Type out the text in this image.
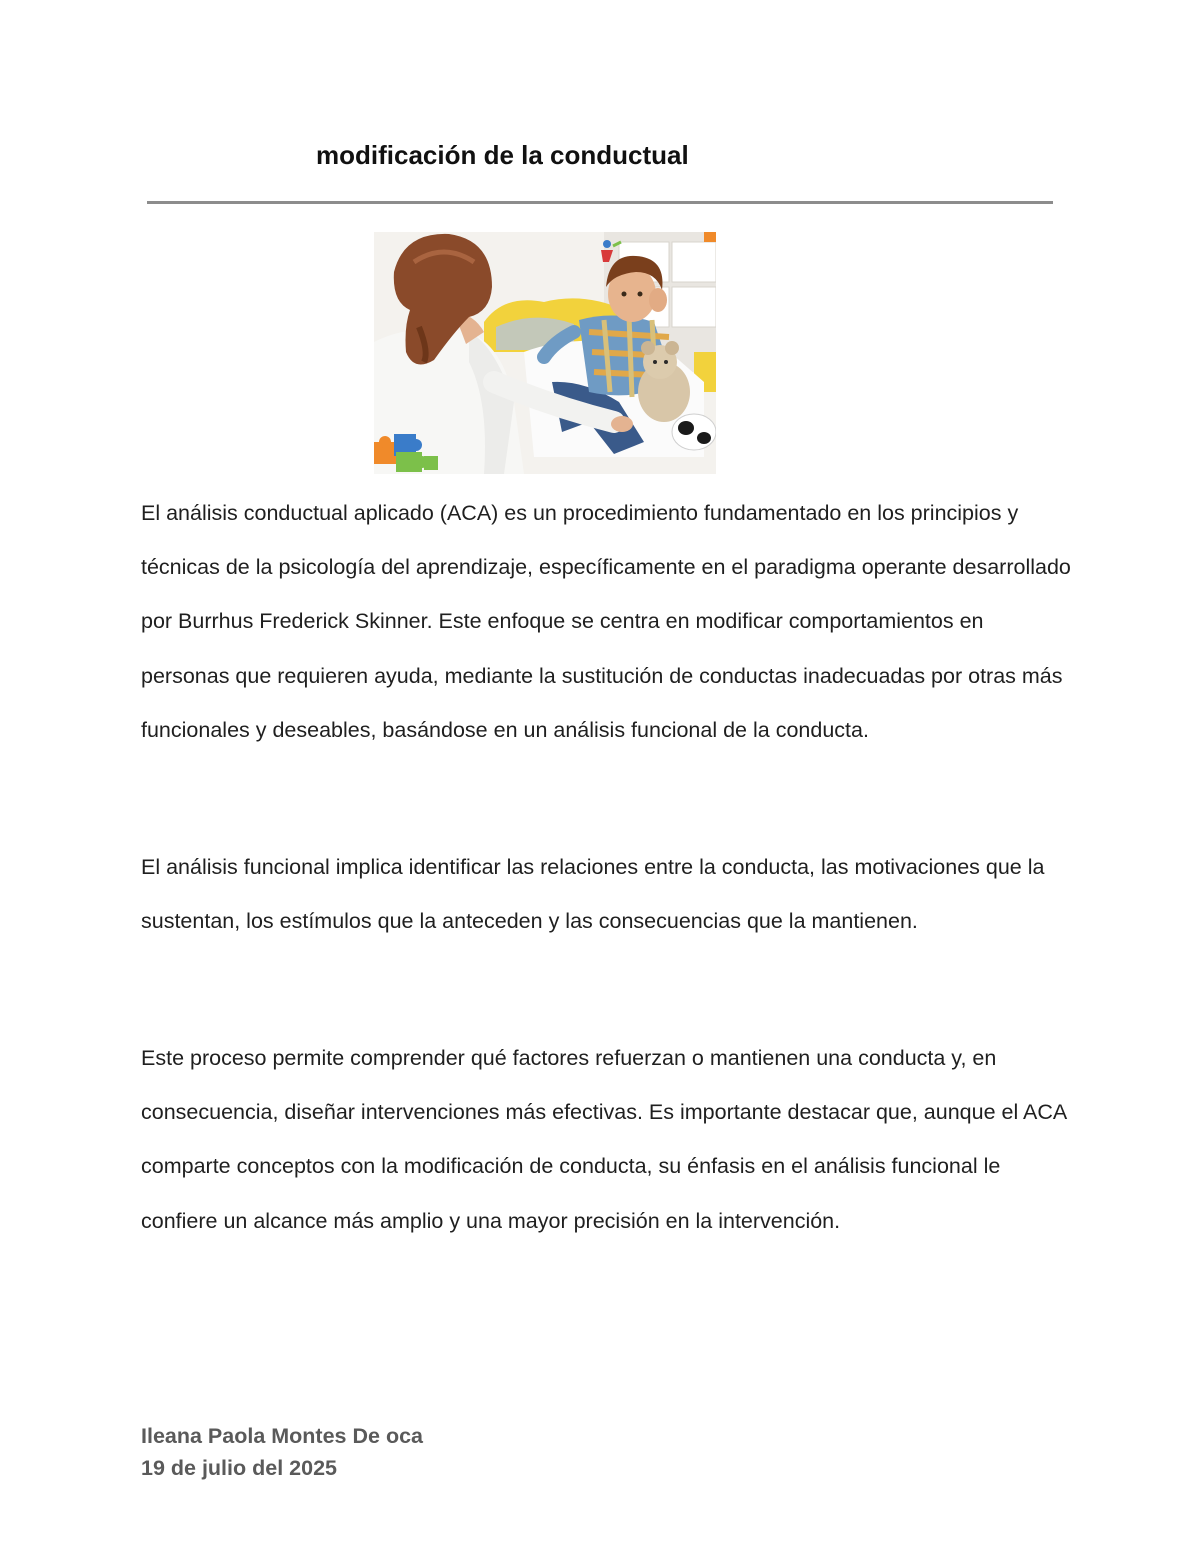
modificación de la conductual

El análisis conductual aplicado (ACA) es un procedimiento fundamentado en los principios y técnicas de la psicología del aprendizaje, específicamente en el paradigma operante desarrollado por Burrhus Frederick Skinner. Este enfoque se centra en modificar comportamientos en personas que requieren ayuda, mediante la sustitución de conductas inadecuadas por otras más funcionales y deseables, basándose en un análisis funcional de la conducta.

El análisis funcional implica identificar las relaciones entre la conducta, las motivaciones que la sustentan, los estímulos que la anteceden y las consecuencias que la mantienen.

Este proceso permite comprender qué factores refuerzan o mantienen una conducta y, en consecuencia, diseñar intervenciones más efectivas. Es importante destacar que, aunque el ACA comparte conceptos con la modificación de conducta, su énfasis en el análisis funcional le confiere un alcance más amplio y una mayor precisión en la intervención.

Ileana Paola Montes De oca
19 de julio del 2025
